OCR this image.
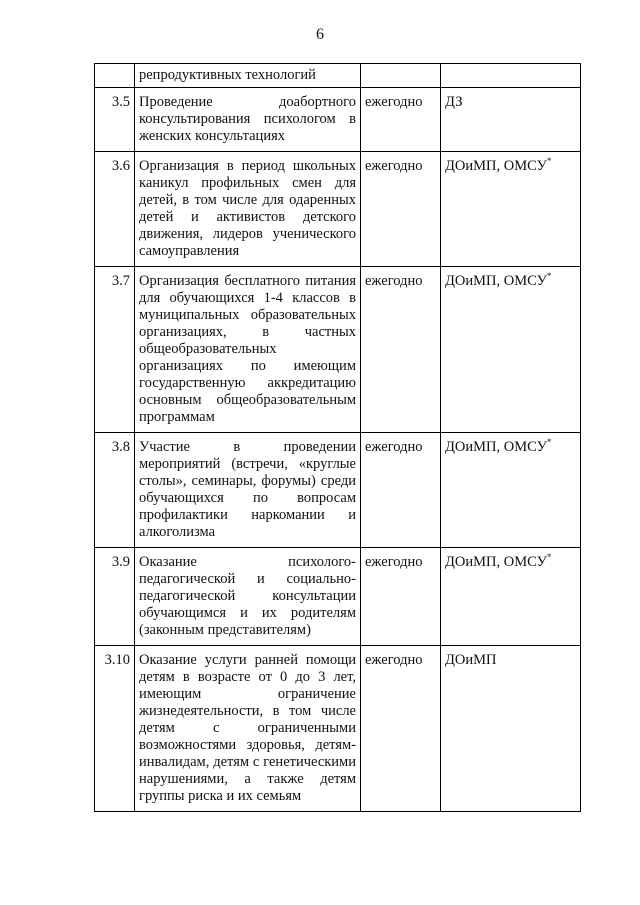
6
	репродуктивных технологий		
3.5	Проведение доабортного консультирования психологом в женских консультациях	ежегодно	ДЗ
3.6	Организация в период школьных каникул профильных смен для детей, в том числе для одаренных детей и активистов детского движения, лидеров ученического самоуправления	ежегодно	ДОиМП, ОМСУ*
3.7	Организация бесплатного питания для обучающихся 1-4 классов в муниципальных образовательных организациях, в частных общеобразовательных организациях по имеющим государственную аккредитацию основным общеобразовательным программам	ежегодно	ДОиМП, ОМСУ*
3.8	Участие в проведении мероприятий (встречи, «круглые столы», семинары, форумы) среди обучающихся по вопросам профилактики наркомании и алкоголизма	ежегодно	ДОиМП, ОМСУ*
3.9	Оказание психолого-педагогической и социально-педагогической консультации обучающимся и их родителям (законным представителям)	ежегодно	ДОиМП, ОМСУ*
3.10	Оказание услуги ранней помощи детям в возрасте от 0 до 3 лет, имеющим ограничение жизнедеятельности, в том числе детям с ограниченными возможностями здоровья, детям-инвалидам, детям с генетическими нарушениями, а также детям группы риска и их семьям	ежегодно	ДОиМП
